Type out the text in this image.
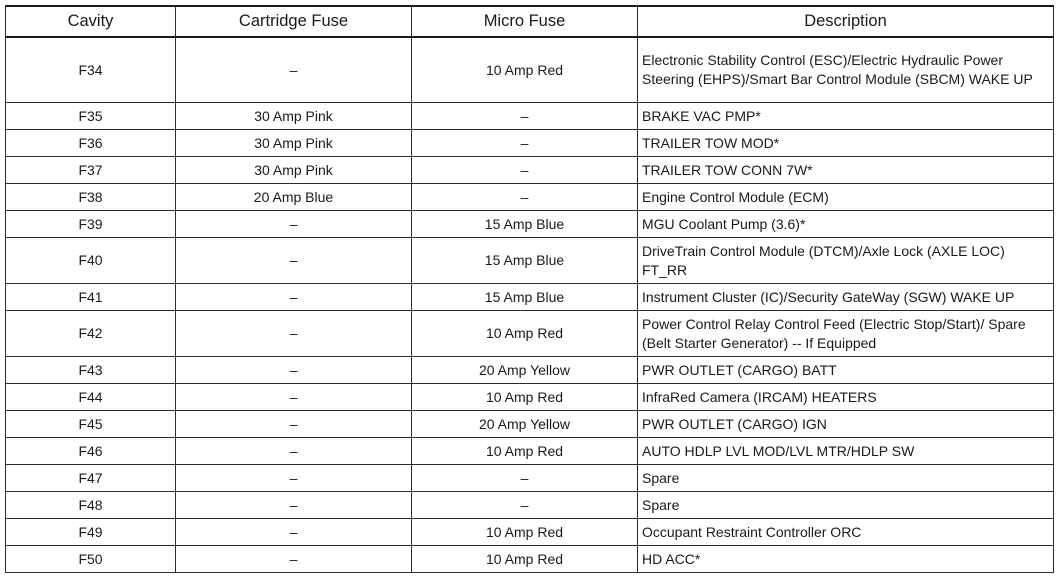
Cavity	Cartridge Fuse	Micro Fuse	Description
F34	–	10 Amp Red	Electronic Stability Control (ESC)/Electric Hydraulic Power Steering (EHPS)/Smart Bar Control Module (SBCM) WAKE UP
F35	30 Amp Pink	–	BRAKE VAC PMP*
F36	30 Amp Pink	–	TRAILER TOW MOD*
F37	30 Amp Pink	–	TRAILER TOW CONN 7W*
F38	20 Amp Blue	–	Engine Control Module (ECM)
F39	–	15 Amp Blue	MGU Coolant Pump (3.6)*
F40	–	15 Amp Blue	DriveTrain Control Module (DTCM)/Axle Lock (AXLE LOC) FT_RR
F41	–	15 Amp Blue	Instrument Cluster (IC)/Security GateWay (SGW) WAKE UP
F42	–	10 Amp Red	Power Control Relay Control Feed (Electric Stop/Start)/ Spare (Belt Starter Generator) -- If Equipped
F43	–	20 Amp Yellow	PWR OUTLET (CARGO) BATT
F44	–	10 Amp Red	InfraRed Camera (IRCAM) HEATERS
F45	–	20 Amp Yellow	PWR OUTLET (CARGO) IGN
F46	–	10 Amp Red	AUTO HDLP LVL MOD/LVL MTR/HDLP SW
F47	–	–	Spare
F48	–	–	Spare
F49	–	10 Amp Red	Occupant Restraint Controller ORC
F50	–	10 Amp Red	HD ACC*
